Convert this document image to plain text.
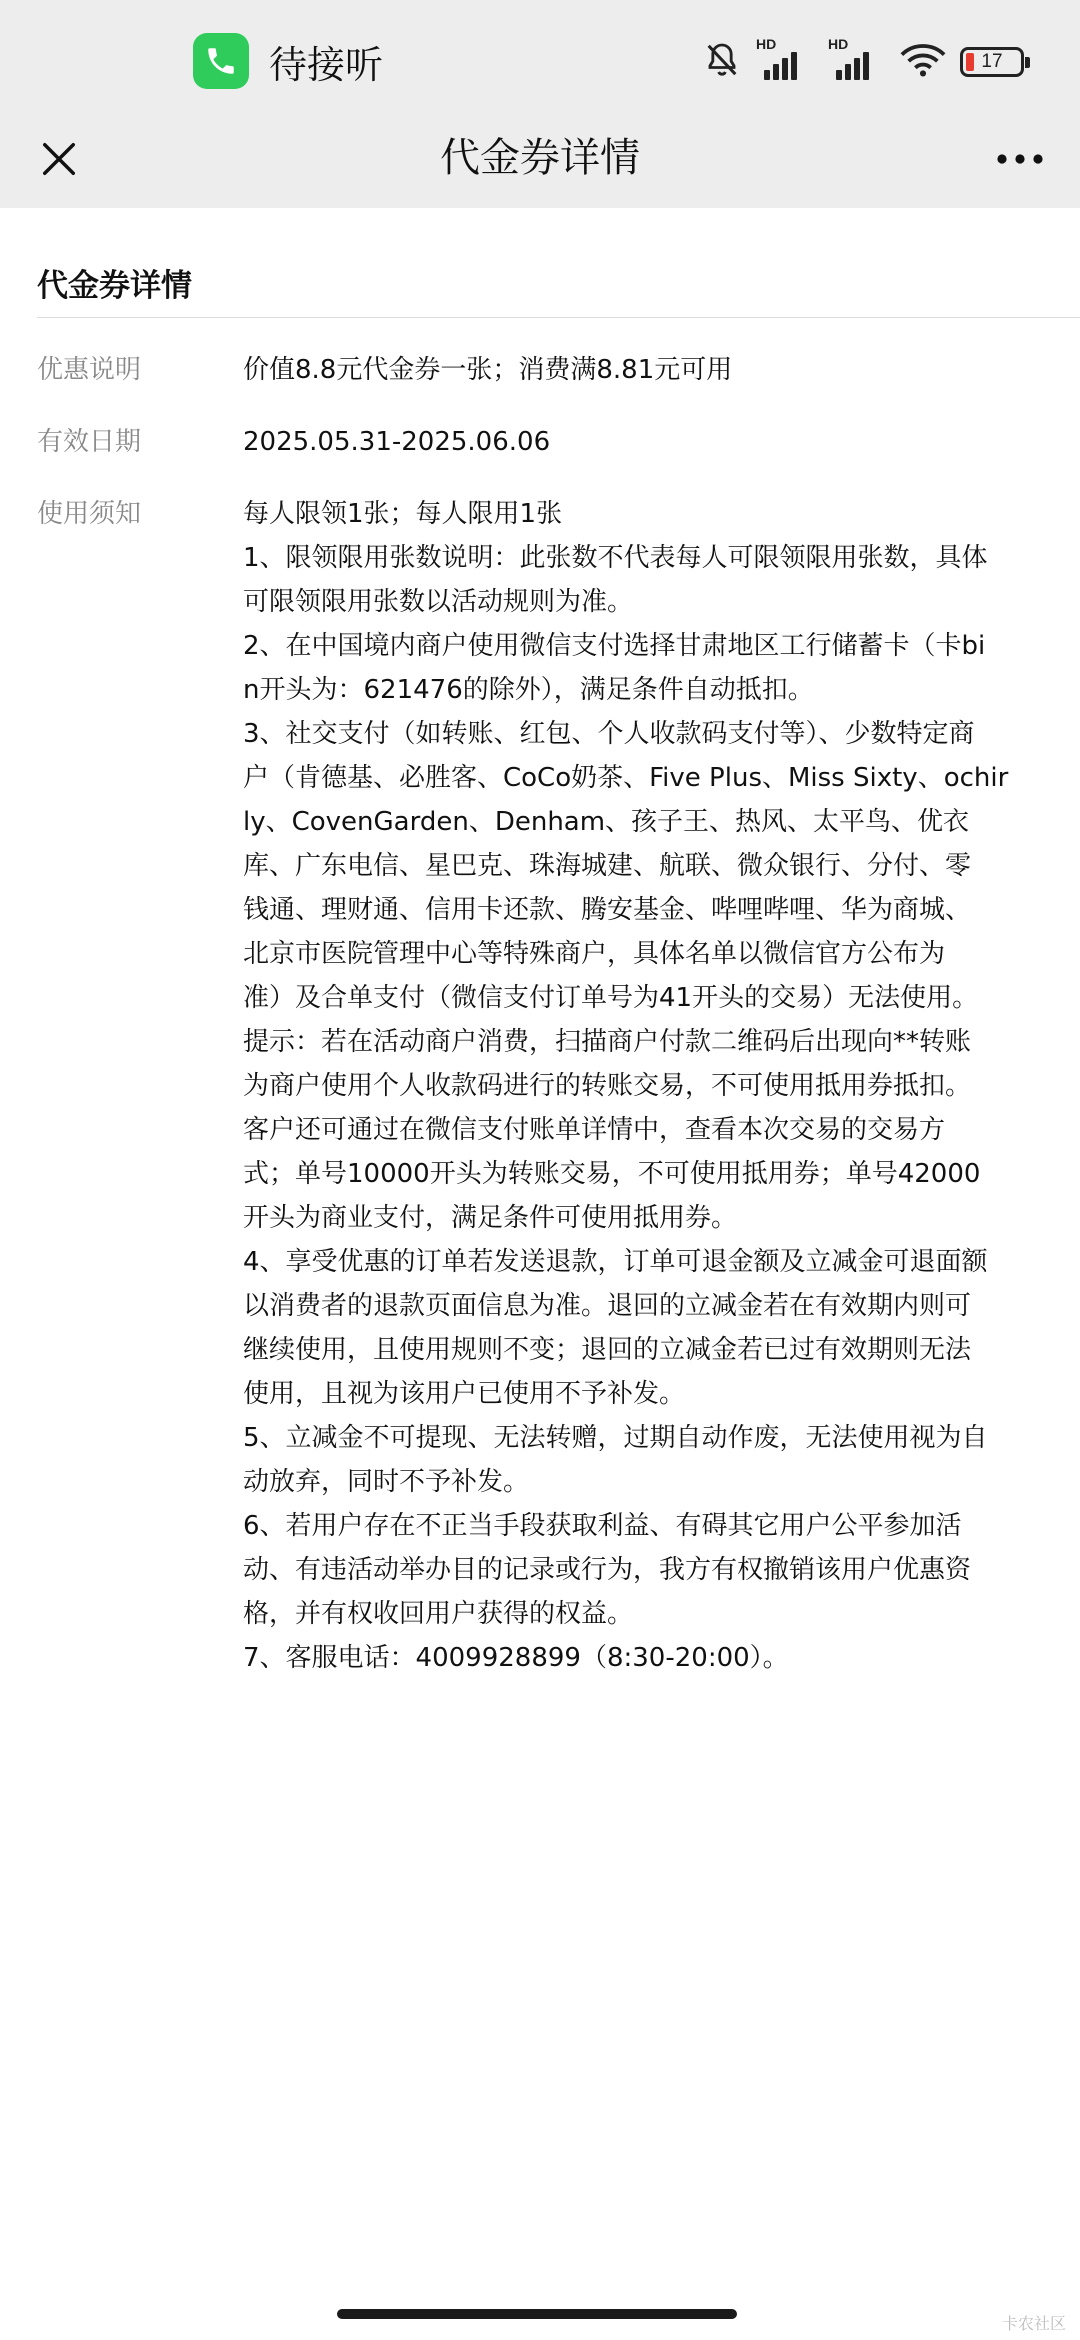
待接听	HD	HD
17
代金券详情
代金券详情
优惠说明	价值8.8元代金券一张；消费满8.81元可用
有效日期	2025.05.31-2025.06.06
使用须知	每人限领1张；每人限用1张
1、限领限用张数说明：此张数不代表每人可限领限用张数，具体
可限领限用张数以活动规则为准。
2、在中国境内商户使用微信支付选择甘肃地区工行储蓄卡（卡bi
n开头为：621476的除外），满足条件自动抵扣。
3、社交支付（如转账、红包、个人收款码支付等）、少数特定商
户（肯德基、必胜客、CoCo奶茶、Five Plus、Miss Sixty、ochir
ly、CovenGarden、Denham、孩子王、热风、太平鸟、优衣
库、广东电信、星巴克、珠海城建、航联、微众银行、分付、零
钱通、理财通、信用卡还款、腾安基金、哔哩哔哩、华为商城、
北京市医院管理中心等特殊商户，具体名单以微信官方公布为
准）及合单支付（微信支付订单号为41开头的交易）无法使用。
提示：若在活动商户消费，扫描商户付款二维码后出现向**转账
为商户使用个人收款码进行的转账交易，不可使用抵用券抵扣。
客户还可通过在微信支付账单详情中，查看本次交易的交易方
式；单号10000开头为转账交易，不可使用抵用券；单号42000
开头为商业支付，满足条件可使用抵用券。
4、享受优惠的订单若发送退款，订单可退金额及立减金可退面额
以消费者的退款页面信息为准。退回的立减金若在有效期内则可
继续使用，且使用规则不变；退回的立减金若已过有效期则无法
使用，且视为该用户已使用不予补发。
5、立减金不可提现、无法转赠，过期自动作废，无法使用视为自
动放弃，同时不予补发。
6、若用户存在不正当手段获取利益、有碍其它用户公平参加活
动、有违活动举办目的记录或行为，我方有权撤销该用户优惠资
格，并有权收回用户获得的权益。
7、客服电话：4009928899（8:30-20:00）。
卡农社区
